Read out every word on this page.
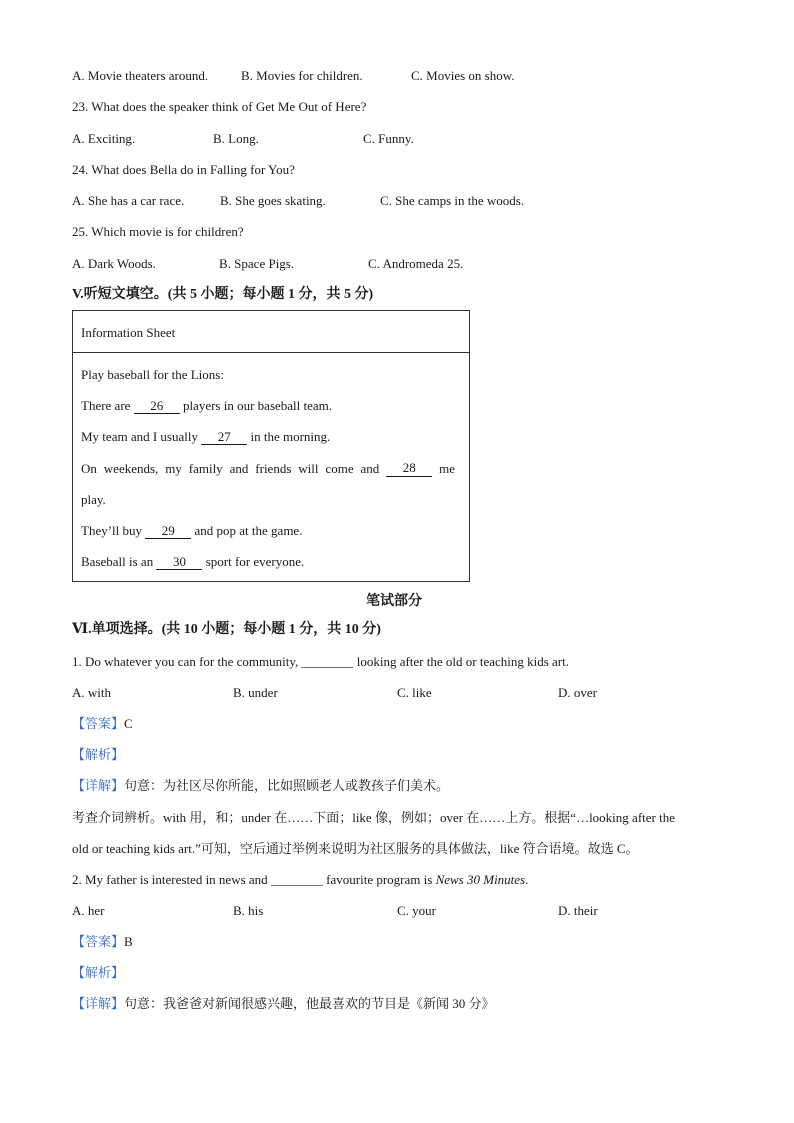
A. Movie theaters around.	B. Movies for children.	C. Movies on show.
23. What does the speaker think of Get Me Out of Here?
A. Exciting.	B. Long.	C. Funny.
24. What does Bella do in Falling for You?
A. She has a car race.	B. She goes skating.	C. She camps in the woods.
25. Which movie is for children?
A. Dark Woods.	B. Space Pigs.	C. Andromeda 25.
V.听短文填空。(共 5 小题；每小题 1 分，共 5 分)
Information Sheet
Play baseball for the Lions:
There are 26 players in our baseball team.
My team and I usually 27 in the morning.
On weekends, my family and friends will come and	28	me
play.
They’ll buy 29 and pop at the game.
Baseball is an 30 sport for everyone.
笔试部分
Ⅵ.单项选择。(共 10 小题；每小题 1 分，共 10 分)
1. Do whatever you can for the community, ________ looking after the old or teaching kids art.
A. with	B. under	C. like	D. over
【答案】C
【解析】
【详解】句意：为社区尽你所能，比如照顾老人或教孩子们美术。
考查介词辨析。with 用，和；under 在……下面；like 像，例如；over 在……上方。根据“…looking after the
old or teaching kids art.”可知，空后通过举例来说明为社区服务的具体做法，like 符合语境。故选 C。
2. My father is interested in news and ________ favourite program is News 30 Minutes.
A. her	B. his	C. your	D. their
【答案】B
【解析】
【详解】句意：我爸爸对新闻很感兴趣，他最喜欢的节目是《新闻 30 分》
